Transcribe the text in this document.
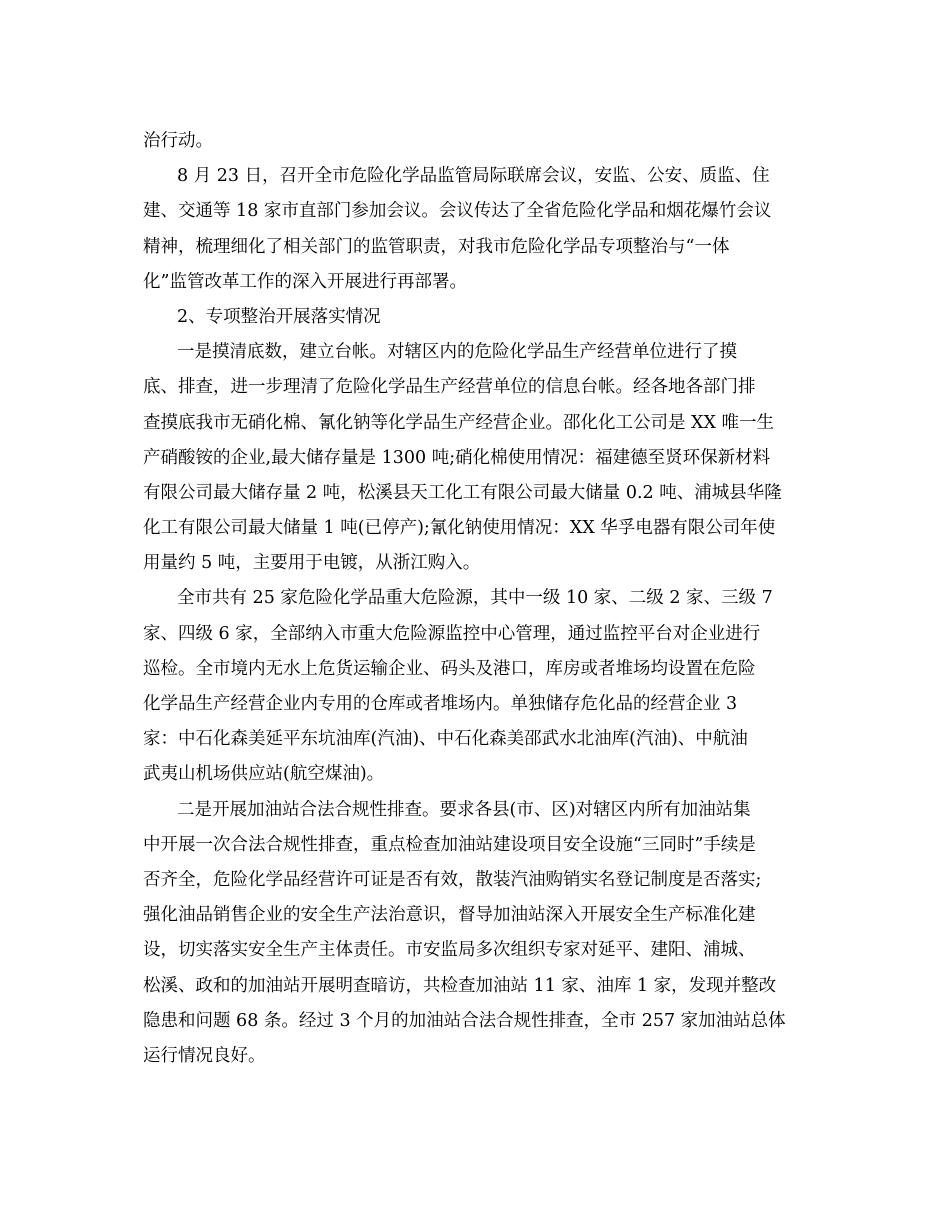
治行动。
8 月 23 日，召开全市危险化学品监管局际联席会议，安监、公安、质监、住
建、交通等 18 家市直部门参加会议。会议传达了全省危险化学品和烟花爆竹会议
精神，梳理细化了相关部门的监管职责，对我市危险化学品专项整治与“一体
化”监管改革工作的深入开展进行再部署。
2、专项整治开展落实情况
一是摸清底数，建立台帐。对辖区内的危险化学品生产经营单位进行了摸
底、排查，进一步理清了危险化学品生产经营单位的信息台帐。经各地各部门排
查摸底我市无硝化棉、氰化钠等化学品生产经营企业。邵化化工公司是 XX 唯一生
产硝酸铵的企业,最大储存量是 1300 吨;硝化棉使用情况：福建德至贤环保新材料
有限公司最大储存量 2 吨，松溪县天工化工有限公司最大储量 0.2 吨、浦城县华隆
化工有限公司最大储量 1 吨(已停产);氰化钠使用情况：XX 华孚电器有限公司年使
用量约 5 吨，主要用于电镀，从浙江购入。
全市共有 25 家危险化学品重大危险源，其中一级 10 家、二级 2 家、三级 7
家、四级 6 家，全部纳入市重大危险源监控中心管理，通过监控平台对企业进行
巡检。全市境内无水上危货运输企业、码头及港口，库房或者堆场均设置在危险
化学品生产经营企业内专用的仓库或者堆场内。单独储存危化品的经营企业 3
家：中石化森美延平东坑油库(汽油)、中石化森美邵武水北油库(汽油)、中航油
武夷山机场供应站(航空煤油)。
二是开展加油站合法合规性排查。要求各县(市、区)对辖区内所有加油站集
中开展一次合法合规性排查，重点检查加油站建设项目安全设施“三同时”手续是
否齐全，危险化学品经营许可证是否有效，散装汽油购销实名登记制度是否落实;
强化油品销售企业的安全生产法治意识，督导加油站深入开展安全生产标准化建
设，切实落实安全生产主体责任。市安监局多次组织专家对延平、建阳、浦城、
松溪、政和的加油站开展明查暗访，共检查加油站 11 家、油库 1 家，发现并整改
隐患和问题 68 条。经过 3 个月的加油站合法合规性排查，全市 257 家加油站总体
运行情况良好。
